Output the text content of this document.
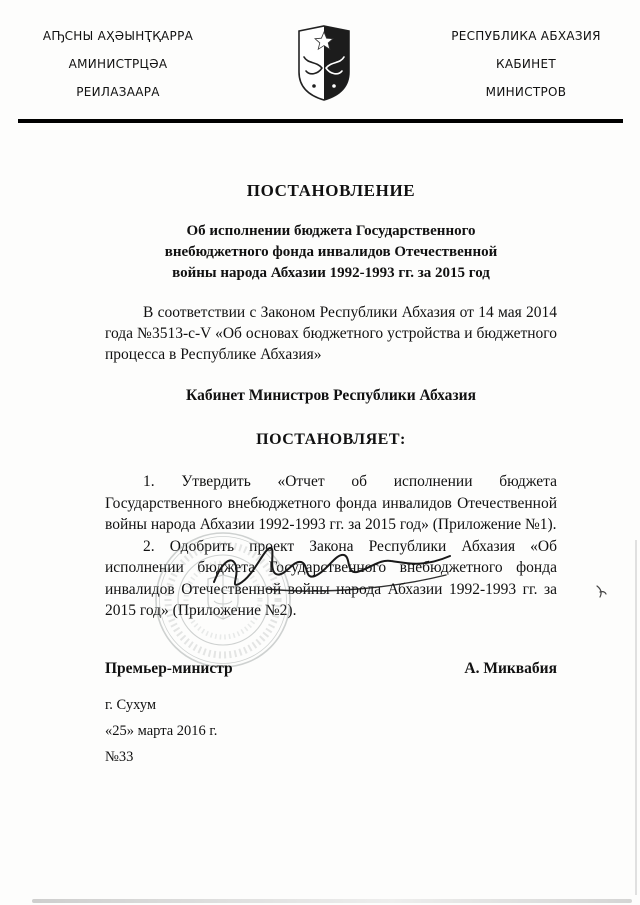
АҦСНЫ АҲӘЫНҬҚАРРА
АМИНИСТРЦӘА
РЕИЛАЗААРА
РЕСПУБЛИКА АБХАЗИЯ
КАБИНЕТ
МИНИСТРОВ
ПОСТАНОВЛЕНИЕ
Об исполнении бюджета Государственного
внебюджетного фонда инвалидов Отечественной
войны народа Абхазии 1992-1993 гг. за 2015 год

В соответствии с Законом Республики Абхазия от 14 мая 2014 года №3513-с-V «Об основах бюджетного устройства и бюджетного процесса в Республике Абхазия»

Кабинет Министров Республики Абхазия
ПОСТАНОВЛЯЕТ:

1. Утвердить «Отчет об исполнении бюджета Государственного внебюджетного фонда инвалидов Отечественной войны народа Абхазии 1992-1993 гг. за 2015 год» (Приложение №1).

2. Одобрить проект Закона Республики Абхазия «Об исполнении бюджета Государственного внебюджетного фонда инвалидов Отечественной войны народа Абхазии 1992-1993 гг. за 2015 год» (Приложение №2).

Премьер-министр	А. Миквабия
г. Сухум
«25» марта 2016 г.
№33
